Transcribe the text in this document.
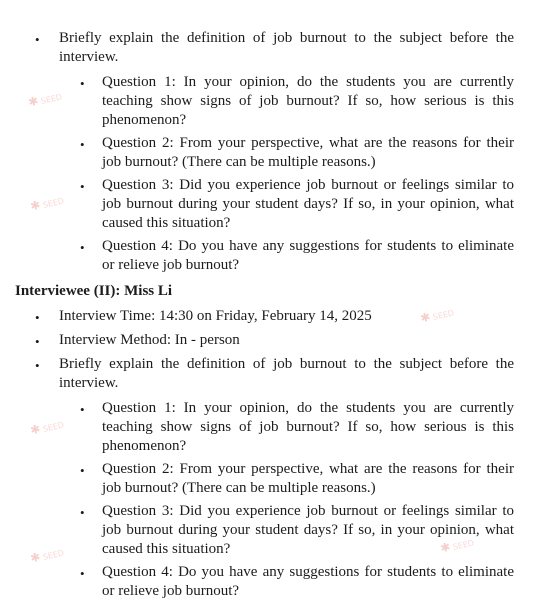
• Briefly explain the definition of job burnout to the subject before the interview.
• Question 1: In your opinion, do the students you are currently teaching show signs of job burnout? If so, how serious is this phenomenon?
• Question 2: From your perspective, what are the reasons for their job burnout? (There can be multiple reasons.)
• Question 3: Did you experience job burnout or feelings similar to job burnout during your student days? If so, in your opinion, what caused this situation?
• Question 4: Do you have any suggestions for students to eliminate or relieve job burnout?
Interviewee (II): Miss Li
• Interview Time: 14:30 on Friday, February 14, 2025
• Interview Method: In - person
• Briefly explain the definition of job burnout to the subject before the interview.
• Question 1: In your opinion, do the students you are currently teaching show signs of job burnout? If so, how serious is this phenomenon?
• Question 2: From your perspective, what are the reasons for their job burnout? (There can be multiple reasons.)
• Question 3: Did you experience job burnout or feelings similar to job burnout during your student days? If so, in your opinion, what caused this situation?
• Question 4: Do you have any suggestions for students to eliminate or relieve job burnout?
✱ SEED
✱ SEED
✱ SEED
✱ SEED
✱ SEED	✱ SEED
